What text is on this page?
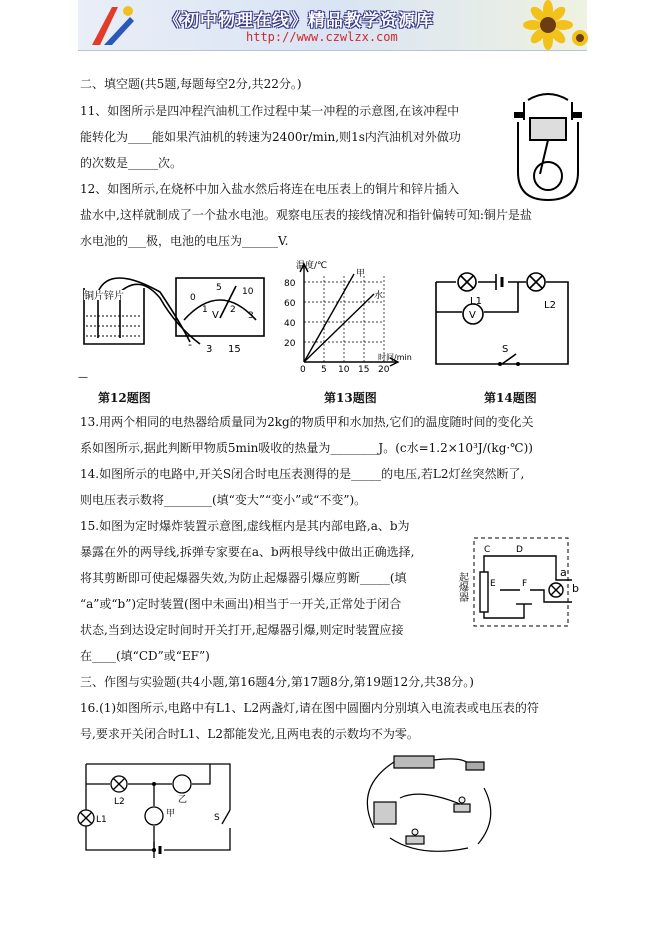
《初中物理在线》精品教学资源库
http://www.czwlzx.com
二、填空题(共5题,每题每空2分,共22分。)
11、如图所示是四冲程汽油机工作过程中某一冲程的示意图,在该冲程中
能转化为____能如果汽油机的转速为2400r/min,则1s内汽油机对外做功
的次数是_____次。
12、如图所示,在烧杯中加入盐水然后将连在电压表上的铜片和锌片插入
盐水中,这样就制成了一个盐水电池。观察电压表的接线情况和指针偏转可知:铜片是盐
水电池的___极，电池的电压为______V.
铜片锌片	0
5 10
1 2
3
V
- 3 15
—
温度/℃
80
60
40
20
0 5 10 15 20
时间/min
甲
水	L1	L2
V
S
第12题图	第13题图	第14题图
13.用两个相同的电热器给质量同为2kg的物质甲和水加热,它们的温度随时间的变化关
系如图所示,据此判断甲物质5min吸收的热量为________J。(c水=1.2×10³J/(kg·℃))
14.如图所示的电路中,开关S闭合时电压表测得的是_____的电压,若L2灯丝突然断了,
则电压表示数将________(填“变大”“变小”或“不变”)。
15.如图为定时爆炸装置示意图,虚线框内是其内部电路,a、b为
暴露在外的两导线,拆弹专家要在a、b两根导线中做出正确选择,
将其剪断即可使起爆器失效,为防止起爆器引爆应剪断_____(填
“a”或“b”)定时装置(图中未画出)相当于一开关,正常处于闭合
状态,当到达设定时间时开关打开,起爆器引爆,则定时装置应接
在____(填“CD”或“EF”)
C	D
E	F
a
b
起爆器
三、作图与实验题(共4小题,第16题4分,第17题8分,第19题12分,共38分。)
16.(1)如图所示,电路中有L1、L2两盏灯,请在图中圆圈内分别填入电流表或电压表的符
号,要求开关闭合时L1、L2都能发光,且两电表的示数均不为零。
L2
L1
甲
乙
S
